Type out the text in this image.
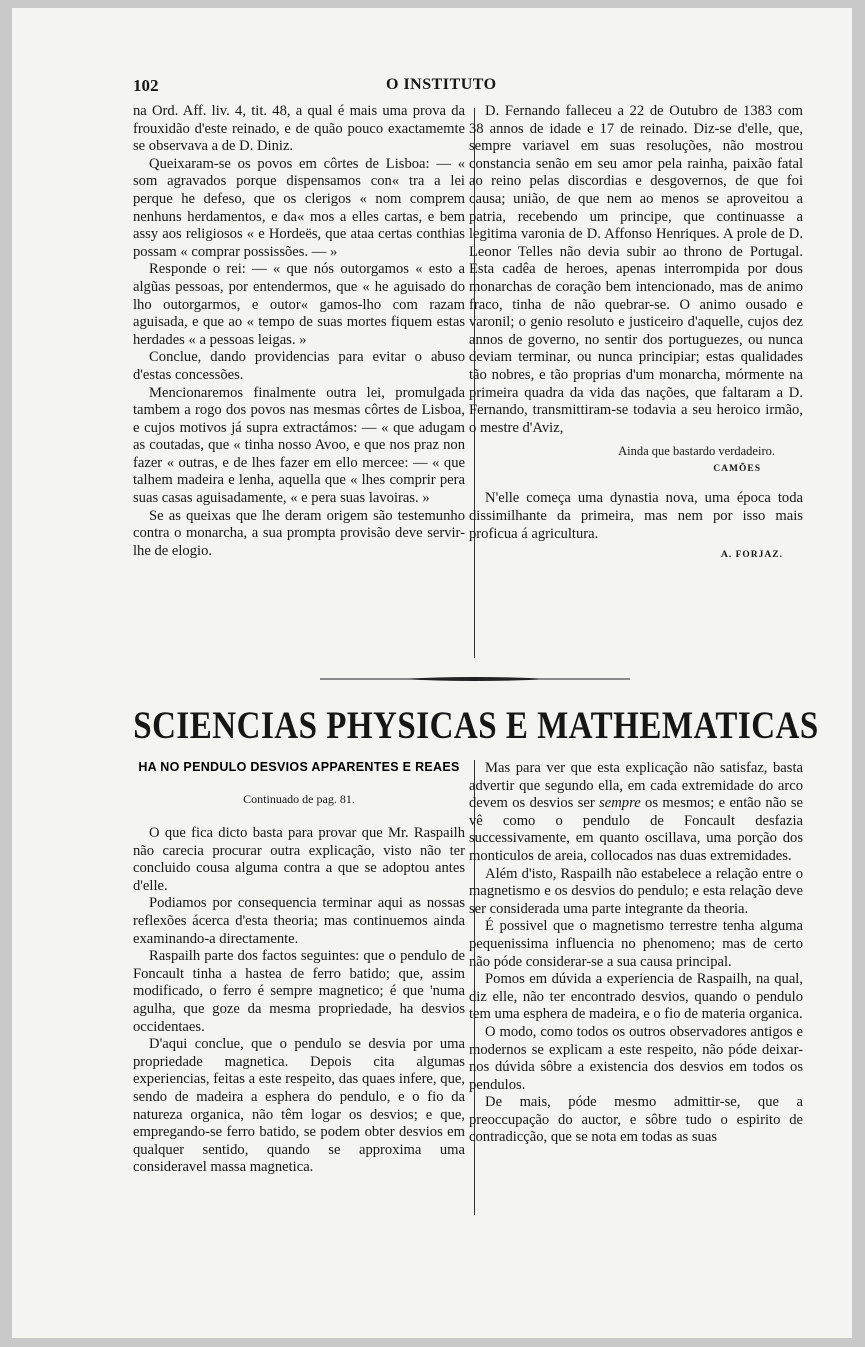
102	O INSTITUTO

na Ord. Aff. liv. 4, tit. 48, a qual é mais uma prova da frouxidão d'este reinado, e de quão pouco exactamemte se observava a de D. Diniz.

Queixaram-se os povos em côrtes de Lisboa: — « som agravados porque dispensamos con« tra a lei perque he defeso, que os clerigos « nom comprem nenhuns herdamentos, e da« mos a elles cartas, e bem assy aos religiosos « e Hordeës, que ataa certas conthias possam « comprar possissões. — »

Responde o rei: — « que nós outorgamos « esto a algũas pessoas, por entendermos, que « he aguisado do lho outorgarmos, e outor« gamos-lho com razam aguisada, e que ao « tempo de suas mortes fiquem estas herdades « a pessoas leigas. »

Conclue, dando providencias para evitar o abuso d'estas concessões.

Mencionaremos finalmente outra lei, promulgada tambem a rogo dos povos nas mesmas côrtes de Lisboa, e cujos motivos já supra extractámos: — « que adugam as coutadas, que « tinha nosso Avoo, e que nos praz non fazer « outras, e de lhes fazer em ello mercee: — « que talhem madeira e lenha, aquella que « lhes comprir pera suas casas aguisadamente, « e pera suas lavoiras. »

Se as queixas que lhe deram origem são testemunho contra o monarcha, a sua prompta provisão deve servir-lhe de elogio.

D. Fernando falleceu a 22 de Outubro de 1383 com 38 annos de idade e 17 de reinado. Diz-se d'elle, que, sempre variavel em suas resoluções, não mostrou constancia senão em seu amor pela rainha, paixão fatal ao reino pelas discordias e desgovernos, de que foi causa; união, de que nem ao menos se aproveitou a patria, recebendo um principe, que continuasse a legitima varonia de D. Affonso Henriques. A prole de D. Leonor Telles não devia subir ao throno de Portugal. Esta cadêa de heroes, apenas interrompida por dous monarchas de coração bem intencionado, mas de animo fraco, tinha de não quebrar-se. O animo ousado e varonil; o genio resoluto e justiceiro d'aquelle, cujos dez annos de governo, no sentir dos portuguezes, ou nunca deviam terminar, ou nunca principiar; estas qualidades tão nobres, e tão proprias d'um monarcha, mórmente na primeira quadra da vida das nações, que faltaram a D. Fernando, transmittiram-se todavia a seu heroico irmão, o mestre d'Aviz,

Ainda que bastardo verdadeiro.
CAMÕES

N'elle começa uma dynastia nova, uma época toda dissimilhante da primeira, mas nem por isso mais proficua á agricultura.

A. FORJAZ.
SCIENCIAS PHYSICAS E MATHEMATICAS
HA NO PENDULO DESVIOS APPARENTES E REAES
Continuado de pag. 81.

O que fica dicto basta para provar que Mr. Raspailh não carecia procurar outra explicação, visto não ter concluido cousa alguma contra a que se adoptou antes d'elle.

Podiamos por consequencia terminar aqui as nossas reflexões ácerca d'esta theoria; mas continuemos ainda examinando-a directamente.

Raspailh parte dos factos seguintes: que o pendulo de Foncault tinha a hastea de ferro batido; que, assim modificado, o ferro é sempre magnetico; é que 'numa agulha, que goze da mesma propriedade, ha desvios occidentaes.

D'aqui conclue, que o pendulo se desvia por uma propriedade magnetica. Depois cita algumas experiencias, feitas a este respeito, das quaes infere, que, sendo de madeira a esphera do pendulo, e o fio da natureza organica, não têm logar os desvios; e que, empregando-se ferro batido, se podem obter desvios em qualquer sentido, quando se approxima uma consideravel massa magnetica.

Mas para ver que esta explicação não satisfaz, basta advertir que segundo ella, em cada extremidade do arco devem os desvios ser sempre os mesmos; e então não se vê como o pendulo de Foncault desfazia successivamente, em quanto oscillava, uma porção dos monticulos de areia, collocados nas duas extremidades.

Além d'isto, Raspailh não estabelece a relação entre o magnetismo e os desvios do pendulo; e esta relação deve ser considerada uma parte integrante da theoria.

É possivel que o magnetismo terrestre tenha alguma pequenissima influencia no phenomeno; mas de certo não póde considerar-se a sua causa principal.

Pomos em dúvida a experiencia de Raspailh, na qual, diz elle, não ter encontrado desvios, quando o pendulo tem uma esphera de madeira, e o fio de materia organica.

O modo, como todos os outros observadores antigos e modernos se explicam a este respeito, não póde deixar-nos dúvida sôbre a existencia dos desvios em todos os pendulos.

De mais, póde mesmo admittir-se, que a preoccupação do auctor, e sôbre tudo o espirito de contradicção, que se nota em todas as suas
